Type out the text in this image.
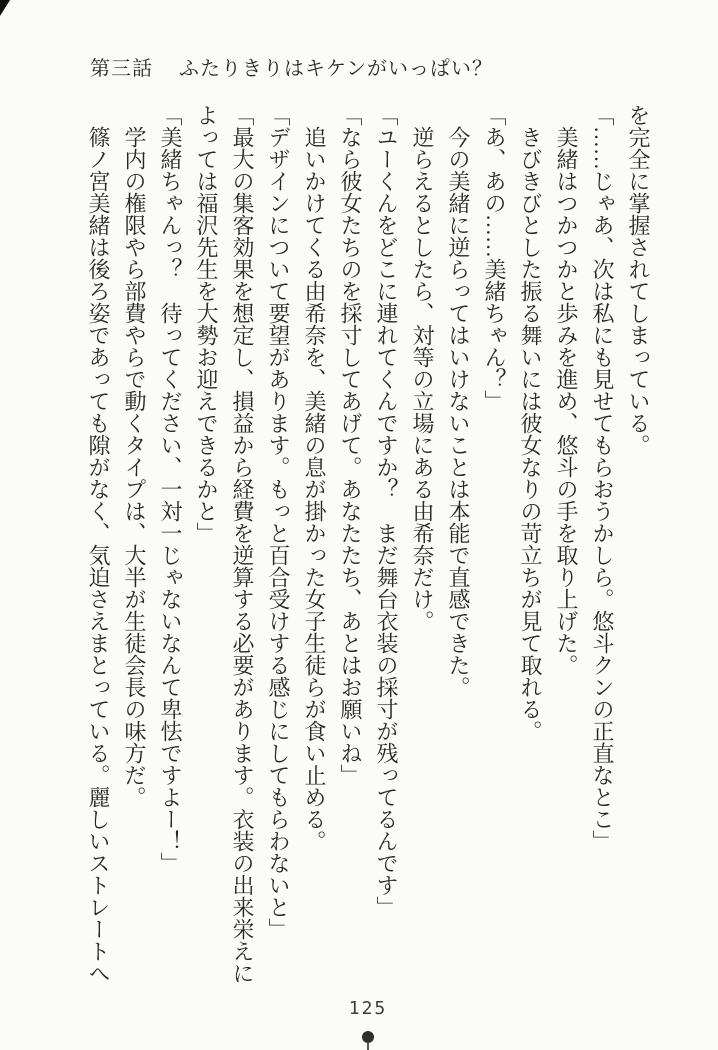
第三話 ふたりきりはキケンがいっぱい？

を完全に掌握されてしまっている。

「……じゃあ、次は私にも見せてもらおうかしら。悠斗クンの正直なとこ」

　美緒はつかつかと歩みを進め、悠斗の手を取り上げた。

　きびきびとした振る舞いには彼女なりの苛立ちが見て取れる。

「あ、あの……美緒ちゃん？」

　今の美緒に逆らってはいけないことは本能で直感できた。

　逆らえるとしたら、対等の立場にある由希奈だけ。

「ユーくんをどこに連れてくんですか？　まだ舞台衣装の採寸が残ってるんです」

「なら彼女たちのを採寸してあげて。あなたたち、あとはお願いね」

　追いかけてくる由希奈を、美緒の息が掛かった女子生徒らが食い止める。

「デザインについて要望があります。もっと百合受けする感じにしてもらわないと」

「最大の集客効果を想定し、損益から経費を逆算する必要があります。衣装の出来栄えによっては福沢先生を大勢お迎えできるかと」

「美緒ちゃんっ？　待ってください、一対一じゃないなんて卑怯ですよー！」

　学内の権限やら部費やらで動くタイプは、大半が生徒会長の味方だ。

　篠ノ宮美緒は後ろ姿であっても隙がなく、気迫さえまとっている。麗しいストレートへ

125
